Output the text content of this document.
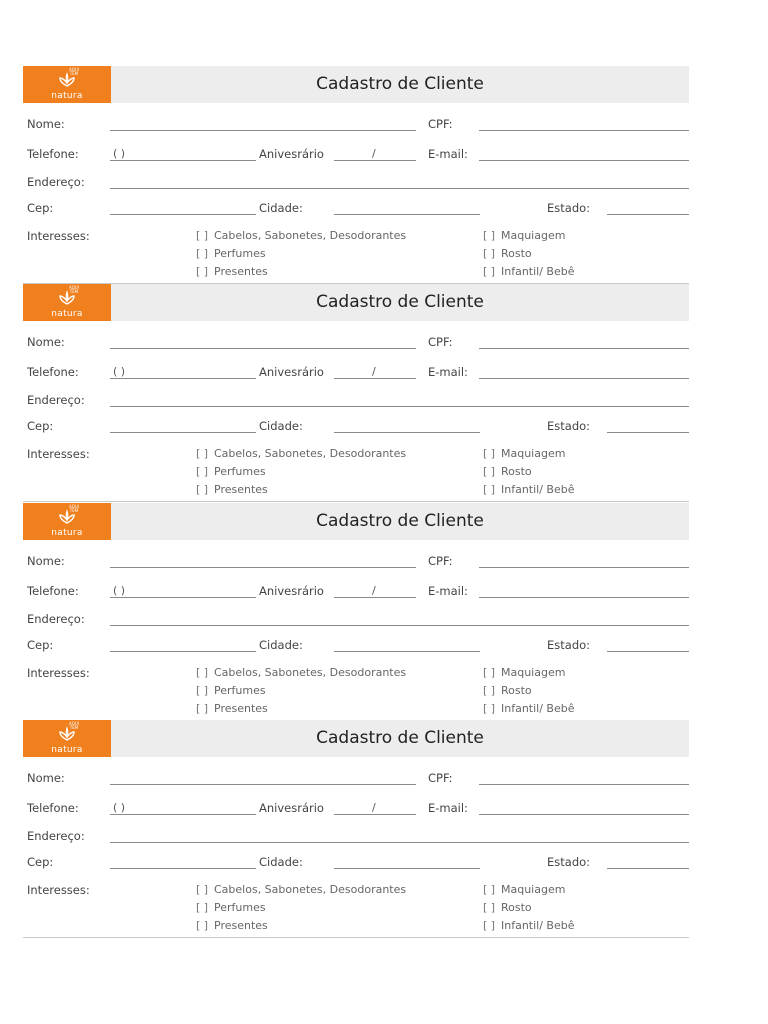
AQUI TEM
natura
Cadastro de Cliente
Nome:	CPF:
Telefone:	( )	Anivesrário	/	E-mail:
Endereço:
Cep:	Cidade:	Estado:
Interesses:	[ ] Cabelos, Sabonetes, Desodorantes
[ ] Perfumes
[ ] Presentes
[ ] Maquiagem
[ ] Rosto
[ ] Infantil/ Bebê
AQUI TEM
natura
Cadastro de Cliente
Nome:	CPF:
Telefone:	( )	Anivesrário	/	E-mail:
Endereço:
Cep:	Cidade:	Estado:
Interesses:	[ ] Cabelos, Sabonetes, Desodorantes
[ ] Perfumes
[ ] Presentes
[ ] Maquiagem
[ ] Rosto
[ ] Infantil/ Bebê
AQUI TEM
natura
Cadastro de Cliente
Nome:	CPF:
Telefone:	( )	Anivesrário	/	E-mail:
Endereço:
Cep:	Cidade:	Estado:
Interesses:	[ ] Cabelos, Sabonetes, Desodorantes
[ ] Perfumes
[ ] Presentes
[ ] Maquiagem
[ ] Rosto
[ ] Infantil/ Bebê
AQUI TEM
natura
Cadastro de Cliente
Nome:	CPF:
Telefone:	( )	Anivesrário	/	E-mail:
Endereço:
Cep:	Cidade:	Estado:
Interesses:	[ ] Cabelos, Sabonetes, Desodorantes
[ ] Perfumes
[ ] Presentes
[ ] Maquiagem
[ ] Rosto
[ ] Infantil/ Bebê
